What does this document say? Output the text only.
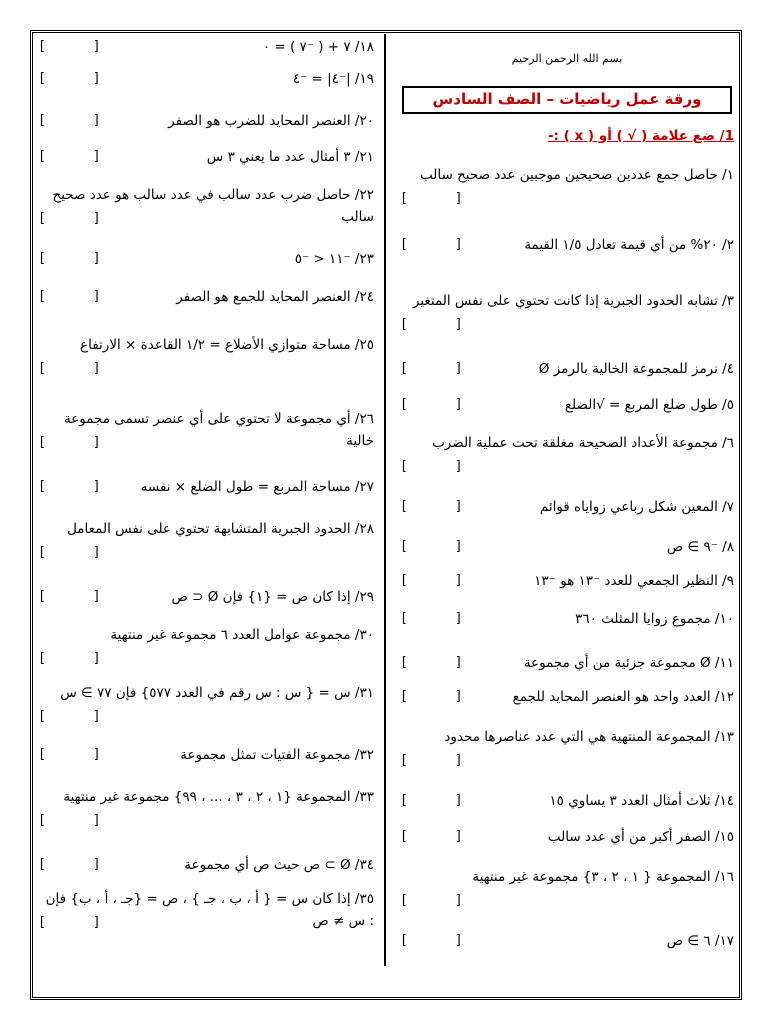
بسم الله الرحمن الرحيم
ورقة عمل رياضيات – الصف السادس
1/ ضع علامة ( √ ) أو ( x ) :-
١/ حاصل جمع عددين صحيحين موجبين عدد صحيح سالب
[      ]
٢/ ٢٠% من أي قيمة تعادل ١/٥ القيمة
[      ]
٣/ تشابه الحدود الجبرية إذا كانت تحتوي على نفس المتغير
[      ]
٤/ نرمز للمجموعة الخالية بالرمز Ø
[      ]
٥/ طول ضلع المربع = √الضلع
[      ]
٦/ مجموعة الأعداد الصحيحة مغلقة تحت عملية الضرب
[      ]
٧/ المعين شكل رباعي زواياه قوائم
[      ]
٨/ ⁻٩ ∋ ص
[      ]
٩/ النظير الجمعي للعدد ⁻١٣ هو ⁻١٣
[      ]
١٠/ مجموع زوايا المثلث ٣٦٠
[      ]
١١/ Ø مجموعة جزئية من أي مجموعة
[      ]
١٢/ العدد واحد هو العنصر المحايد للجمع
[      ]
١٣/ المجموعة المنتهية هي التي عدد عناصرها محدود
[      ]
١٤/ ثلاث أمثال العدد ٣ يساوي ١٥
[      ]
١٥/ الصفر أكبر من أي عدد سالب
[      ]
١٦/ المجموعة { ١ ، ٢ ، ٣} مجموعة غير منتهية
[      ]
١٧/ ٦ ∋ ص
[      ]
١٨/ ٧ + ( ⁻٧ ) = ٠
[      ]
١٩/ |⁻٤| = ⁻٤
[      ]
٢٠/ العنصر المحايد للضرب هو الصفر
[      ]
٢١/ ٣ أمثال عدد ما يعني ٣ س
[      ]
٢٢/ حاصل ضرب عدد سالب في عدد سالب هو عدد صحيح سالب
[      ]
٢٣/ ⁻١١ < ⁻٥
[      ]
٢٤/ العنصر المحايد للجمع هو الصفر
[      ]
٢٥/ مساحة متوازي الأضلاع = ١/٢ القاعدة × الارتفاع
[      ]
٢٦/ أي مجموعة لا تحتوي على أي عنصر تسمى مجموعة خالية
[      ]
٢٧/ مساحة المربع = طول الضلع × نفسه
[      ]
٢٨/ الحدود الجبرية المتشابهة تحتوي على نفس المعامل
[      ]
٢٩/ إذا كان ص = {١} فإن Ø ⊂ ص
[      ]
٣٠/ مجموعة عوامل العدد ٦ مجموعة غير منتهية
[      ]
٣١/ س = { س : س رقم في العدد ٥٧٧} فإن ٧٧ ∋ س
[      ]
٣٢/ مجموعة الفتيات تمثل مجموعة
[      ]
٣٣/ المجموعة {١ ، ٢ ، ٣ ، ... ، ٩٩} مجموعة غير منتهية
[      ]
٣٤/ Ø ⊃ ص حيث ص أي مجموعة
[      ]
٣٥/ إذا كان س = { أ ، ب ، جـ } ، ص = {جـ ، أ ، ب} فإن : س ≠ ص
[      ]
